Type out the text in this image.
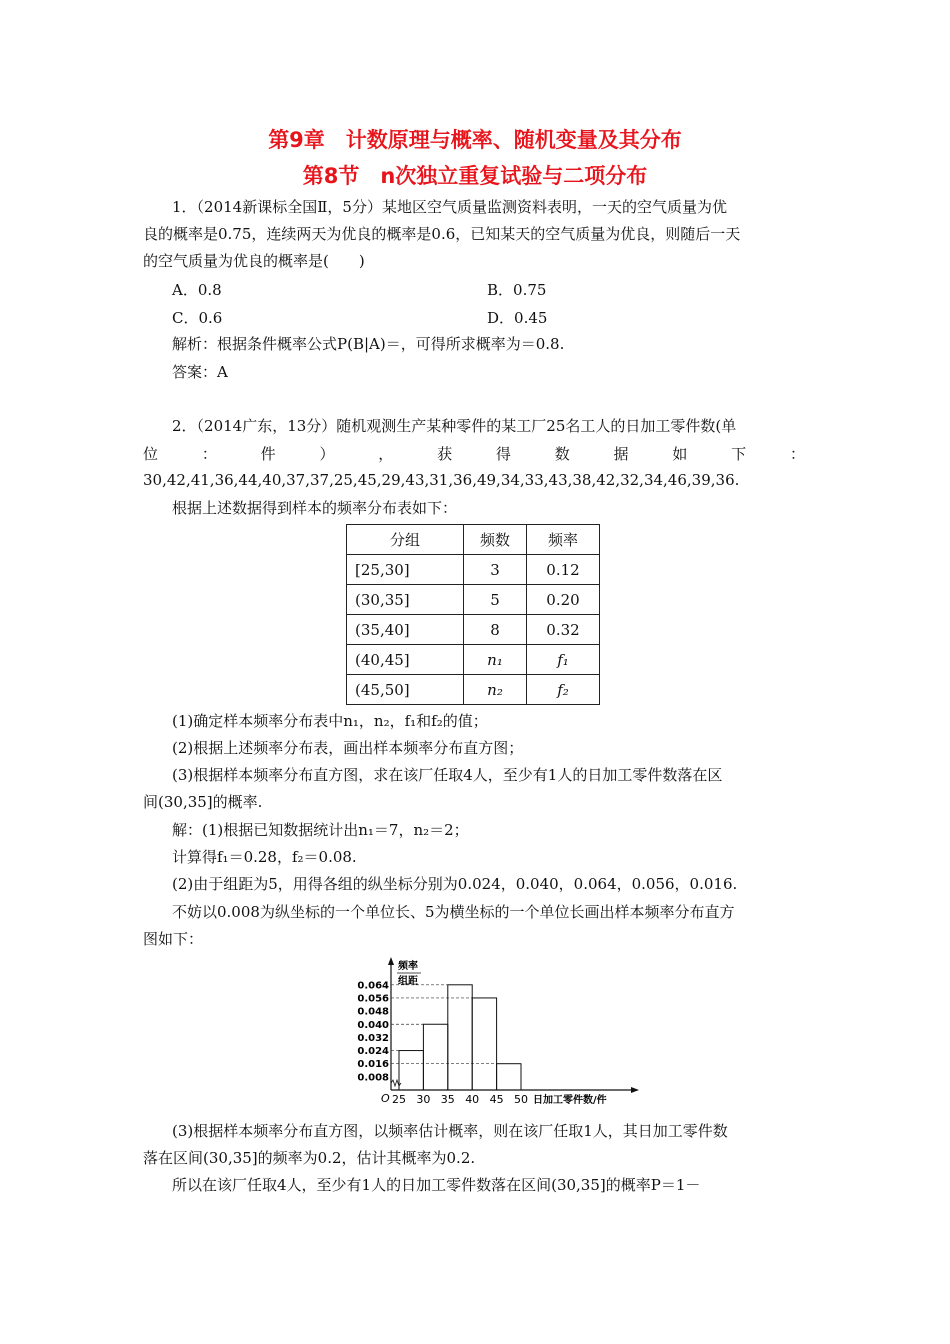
第9章　计数原理与概率、随机变量及其分布
第8节　n次独立重复试验与二项分布
1．（2014新课标全国Ⅱ，5分）某地区空气质量监测资料表明，一天的空气质量为优
良的概率是0.75，连续两天为优良的概率是0.6，已知某天的空气质量为优良，则随后一天
的空气质量为优良的概率是(　　)
A．0.8	B．0.75
C．0.6	D．0.45
解析：根据条件概率公式P(B|A)＝，可得所求概率为＝0.8.
答案：A
2．（2014广东，13分）随机观测生产某种零件的某工厂25名工人的日加工零件数(单
位	：	件	）	，	获	得	数	据	如	下	：
30,42,41,36,44,40,37,37,25,45,29,43,31,36,49,34,33,43,38,42,32,34,46,39,36.
根据上述数据得到样本的频率分布表如下：
分组	频数	频率
[25,30]	3	0.12
(30,35]	5	0.20
(35,40]	8	0.32
(40,45]	n₁	f₁
(45,50]	n₂	f₂
(1)确定样本频率分布表中n₁，n₂，f₁和f₂的值；
(2)根据上述频率分布表，画出样本频率分布直方图；
(3)根据样本频率分布直方图，求在该厂任取4人，至少有1人的日加工零件数落在区
间(30,35]的概率.
解：(1)根据已知数据统计出n₁＝7，n₂＝2；
计算得f₁＝0.28，f₂＝0.08.
(2)由于组距为5，用得各组的纵坐标分别为0.024，0.040，0.064，0.056，0.016.
不妨以0.008为纵坐标的一个单位长、5为横坐标的一个单位长画出样本频率分布直方
图如下：
频率
组距
O	日加工零件数/件
0.064
0.056
0.048
0.040
0.032
0.024
0.016
0.008
25 30 35 40 45 50
(3)根据样本频率分布直方图，以频率估计概率，则在该厂任取1人，其日加工零件数
落在区间(30,35]的频率为0.2，估计其概率为0.2.
所以在该厂任取4人，至少有1人的日加工零件数落在区间(30,35]的概率P＝1－
